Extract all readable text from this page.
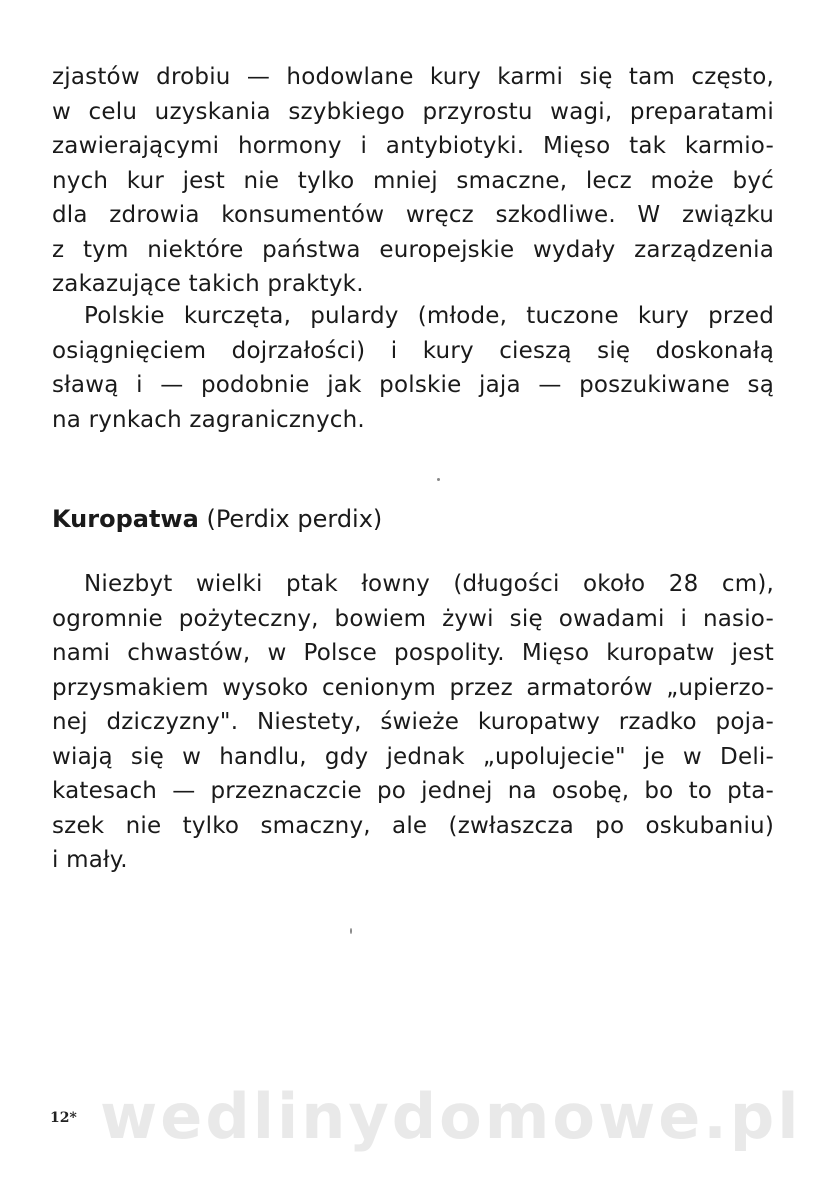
zjastów drobiu — hodowlane kury karmi się tam często,
w celu uzyskania szybkiego przyrostu wagi, preparatami
zawierającymi hormony i antybiotyki. Mięso tak karmio-
nych kur jest nie tylko mniej smaczne, lecz może być
dla zdrowia konsumentów wręcz szkodliwe. W związku
z tym niektóre państwa europejskie wydały zarządzenia
zakazujące takich praktyk.
Polskie kurczęta, pulardy (młode, tuczone kury przed
osiągnięciem dojrzałości) i kury cieszą się doskonałą
sławą i — podobnie jak polskie jaja — poszukiwane są
na rynkach zagranicznych.
Kuropatwa (Perdix perdix)
Niezbyt wielki ptak łowny (długości około 28 cm),
ogromnie pożyteczny, bowiem żywi się owadami i nasio-
nami chwastów, w Polsce pospolity. Mięso kuropatw jest
przysmakiem wysoko cenionym przez armatorów „upierzo-
nej dziczyzny". Niestety, świeże kuropatwy rzadko poja-
wiają się w handlu, gdy jednak „upolujecie" je w Deli-
katesach — przeznaczcie po jednej na osobę, bo to pta-
szek nie tylko smaczny, ale (zwłaszcza po oskubaniu)
i mały.
wedlinydomowe.pl
12*
